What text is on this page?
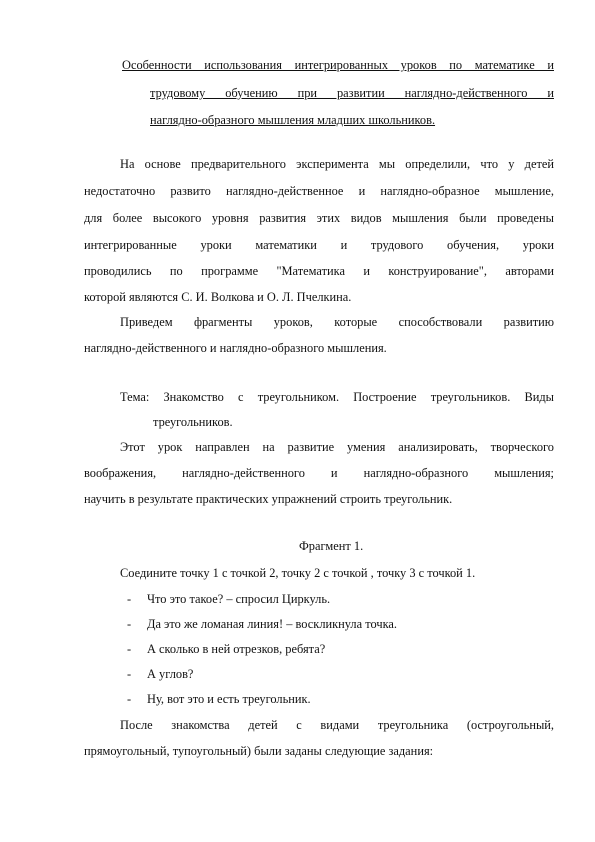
Особенности использования интегрированных уроков по математике и
трудовому обучению при развитии наглядно-действенного и
наглядно-образного мышления младших школьников.
На основе предварительного эксперимента мы определили, что у детей
недостаточно развито наглядно-действенное и наглядно-образное мышление,
для более высокого уровня развития этих видов мышления были проведены
интегрированные уроки математики и трудового обучения, уроки
проводились по программе "Математика и конструирование", авторами
которой являются С. И. Волкова и О. Л. Пчелкина.
Приведем фрагменты уроков, которые способствовали развитию
наглядно-действенного и наглядно-образного мышления.
Тема: Знакомство с треугольником. Построение треугольников. Виды
треугольников.
Этот урок направлен на развитие умения анализировать, творческого
воображения, наглядно-действенного и наглядно-образного мышления;
научить в результате практических упражнений строить треугольник.
Фрагмент 1.
Соедините точку 1 с точкой 2, точку 2 с точкой , точку 3 с точкой 1.
- Что это такое? – спросил Циркуль.
- Да это же ломаная линия! – воскликнула точка.
- А сколько в ней отрезков, ребята?
- А углов?
- Ну, вот это и есть треугольник.
После знакомства детей с видами треугольника (остроугольный,
прямоугольный, тупоугольный) были заданы следующие задания:
